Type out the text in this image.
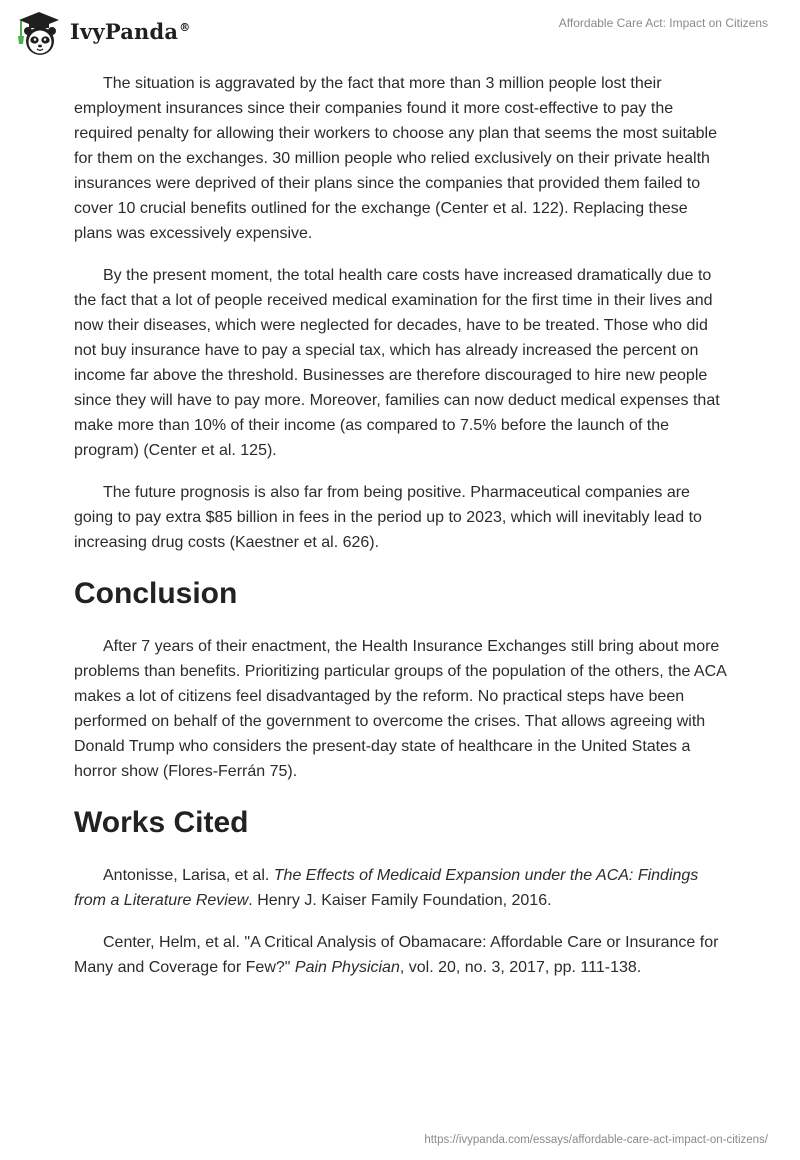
IvyPanda®	Affordable Care Act: Impact on Citizens

The situation is aggravated by the fact that more than 3 million people lost their employment insurances since their companies found it more cost-effective to pay the required penalty for allowing their workers to choose any plan that seems the most suitable for them on the exchanges. 30 million people who relied exclusively on their private health insurances were deprived of their plans since the companies that provided them failed to cover 10 crucial benefits outlined for the exchange (Center et al. 122). Replacing these plans was excessively expensive.

By the present moment, the total health care costs have increased dramatically due to the fact that a lot of people received medical examination for the first time in their lives and now their diseases, which were neglected for decades, have to be treated. Those who did not buy insurance have to pay a special tax, which has already increased the percent on income far above the threshold. Businesses are therefore discouraged to hire new people since they will have to pay more. Moreover, families can now deduct medical expenses that make more than 10% of their income (as compared to 7.5% before the launch of the program) (Center et al. 125).

The future prognosis is also far from being positive. Pharmaceutical companies are going to pay extra $85 billion in fees in the period up to 2023, which will inevitably lead to increasing drug costs (Kaestner et al. 626).

Conclusion

After 7 years of their enactment, the Health Insurance Exchanges still bring about more problems than benefits. Prioritizing particular groups of the population of the others, the ACA makes a lot of citizens feel disadvantaged by the reform. No practical steps have been performed on behalf of the government to overcome the crises. That allows agreeing with Donald Trump who considers the present-day state of healthcare in the United States a horror show (Flores-Ferrán 75).

Works Cited

Antonisse, Larisa, et al. The Effects of Medicaid Expansion under the ACA: Findings from a Literature Review. Henry J. Kaiser Family Foundation, 2016.

Center, Helm, et al. "A Critical Analysis of Obamacare: Affordable Care or Insurance for Many and Coverage for Few?" Pain Physician, vol. 20, no. 3, 2017, pp. 111-138.

https://ivypanda.com/essays/affordable-care-act-impact-on-citizens/
